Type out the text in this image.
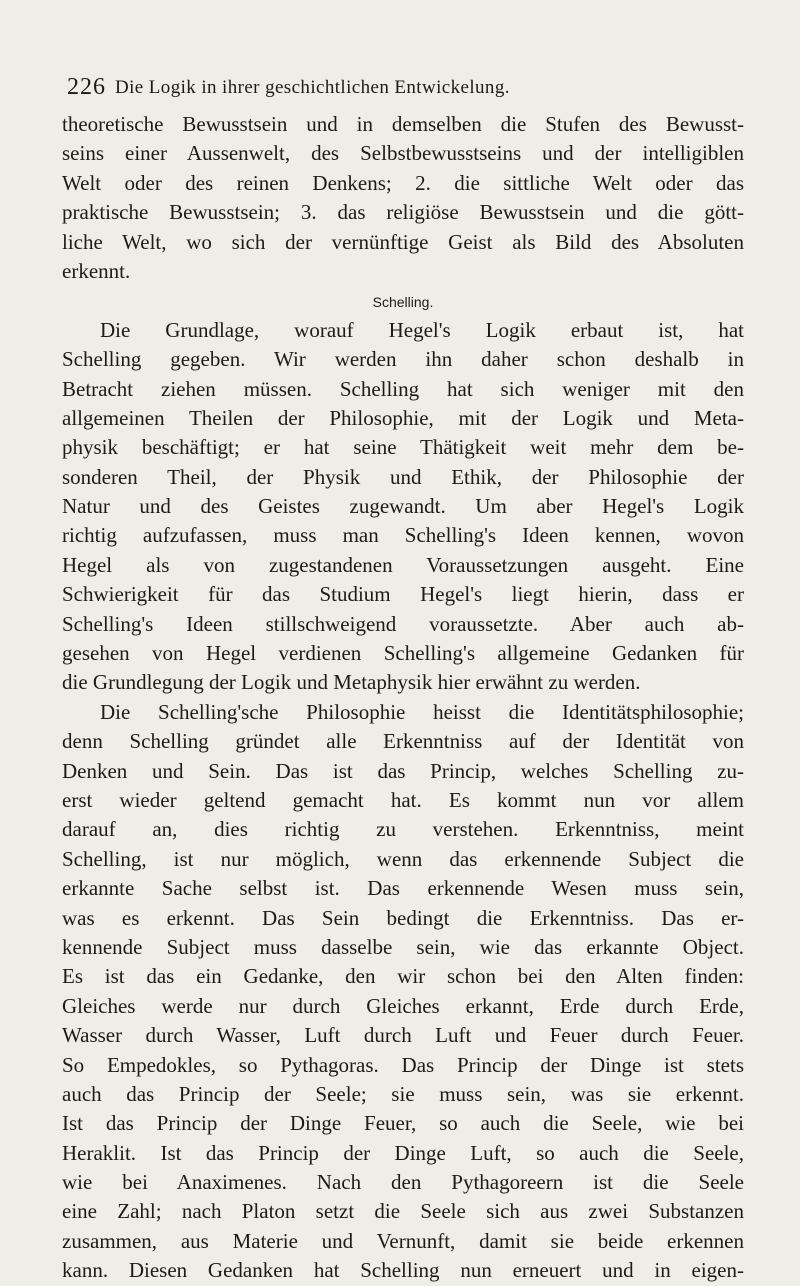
226 Die Logik in ihrer geschichtlichen Entwickelung.
theoretische Bewusstsein und in demselben die Stufen des Bewusst-
seins einer Aussenwelt, des Selbstbewusstseins und der intelligiblen
Welt oder des reinen Denkens; 2. die sittliche Welt oder das
praktische Bewusstsein; 3. das religiöse Bewusstsein und die gött-
liche Welt, wo sich der vernünftige Geist als Bild des Absoluten
erkennt.
Schelling.
Die Grundlage, worauf Hegel's Logik erbaut ist, hat
Schelling gegeben. Wir werden ihn daher schon deshalb in
Betracht ziehen müssen. Schelling hat sich weniger mit den
allgemeinen Theilen der Philosophie, mit der Logik und Meta-
physik beschäftigt; er hat seine Thätigkeit weit mehr dem be-
sonderen Theil, der Physik und Ethik, der Philosophie der
Natur und des Geistes zugewandt. Um aber Hegel's Logik
richtig aufzufassen, muss man Schelling's Ideen kennen, wovon
Hegel als von zugestandenen Voraussetzungen ausgeht. Eine
Schwierigkeit für das Studium Hegel's liegt hierin, dass er
Schelling's Ideen stillschweigend voraussetzte. Aber auch ab-
gesehen von Hegel verdienen Schelling's allgemeine Gedanken für
die Grundlegung der Logik und Metaphysik hier erwähnt zu werden.
Die Schelling'sche Philosophie heisst die Identitätsphilosophie;
denn Schelling gründet alle Erkenntniss auf der Identität von
Denken und Sein. Das ist das Princip, welches Schelling zu-
erst wieder geltend gemacht hat. Es kommt nun vor allem
darauf an, dies richtig zu verstehen. Erkenntniss, meint
Schelling, ist nur möglich, wenn das erkennende Subject die
erkannte Sache selbst ist. Das erkennende Wesen muss sein,
was es erkennt. Das Sein bedingt die Erkenntniss. Das er-
kennende Subject muss dasselbe sein, wie das erkannte Object.
Es ist das ein Gedanke, den wir schon bei den Alten finden:
Gleiches werde nur durch Gleiches erkannt, Erde durch Erde,
Wasser durch Wasser, Luft durch Luft und Feuer durch Feuer.
So Empedokles, so Pythagoras. Das Princip der Dinge ist stets
auch das Princip der Seele; sie muss sein, was sie erkennt.
Ist das Princip der Dinge Feuer, so auch die Seele, wie bei
Heraklit. Ist das Princip der Dinge Luft, so auch die Seele,
wie bei Anaximenes. Nach den Pythagoreern ist die Seele
eine Zahl; nach Platon setzt die Seele sich aus zwei Substanzen
zusammen, aus Materie und Vernunft, damit sie beide erkennen
kann. Diesen Gedanken hat Schelling nun erneuert und in eigen-
